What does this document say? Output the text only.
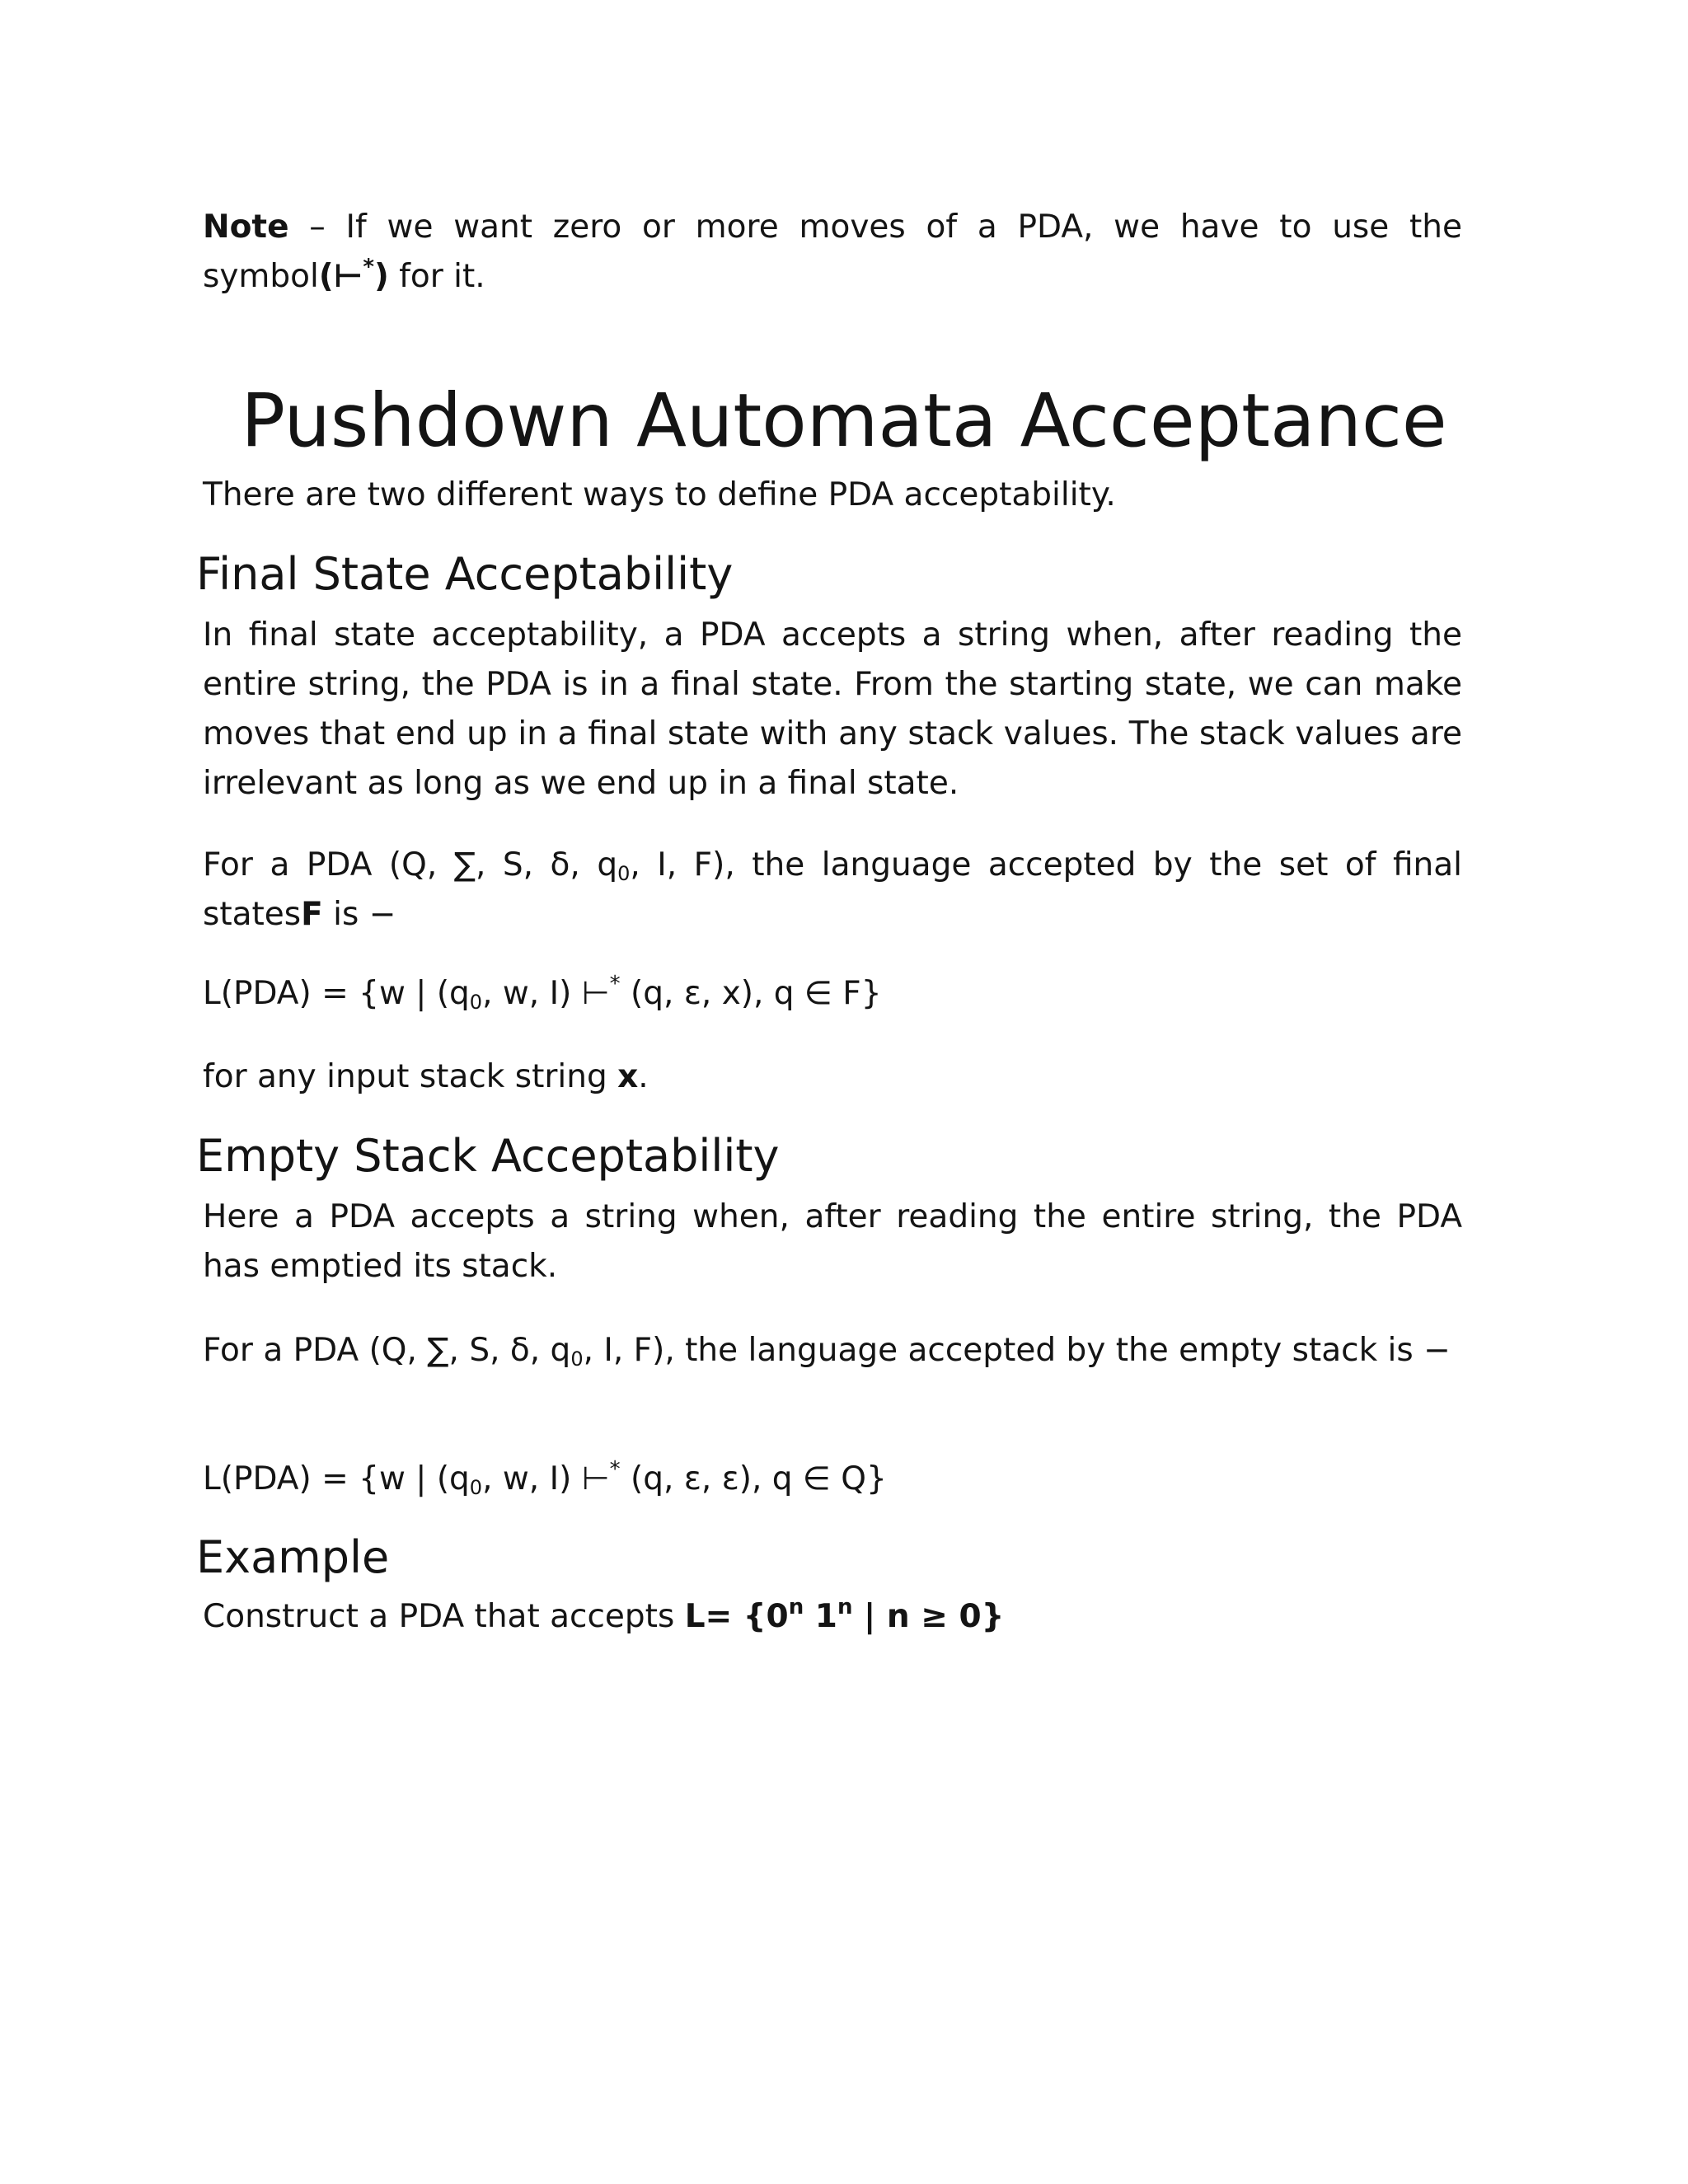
Note – If we want zero or more moves of a PDA, we have to use the symbol(⊢*) for it.

Pushdown Automata Acceptance

There are two different ways to define PDA acceptability.

Final State Acceptability

In final state acceptability, a PDA accepts a string when, after reading the entire string, the PDA is in a final state. From the starting state, we can make moves that end up in a final state with any stack values. The stack values are irrelevant as long as we end up in a final state.

For a PDA (Q, ∑, S, δ, $q_0$, I, F), the language accepted by the set of final statesF is −

L(PDA) = {w | ($q_0$, w, I) ⊢* (q, ε, x), q ∈ F}

for any input stack string x.

Empty Stack Acceptability

Here a PDA accepts a string when, after reading the entire string, the PDA has emptied its stack.

For a PDA (Q, ∑, S, δ, $q_0$, I, F), the language accepted by the empty stack is −

L(PDA) = {w | ($q_0$, w, I) ⊢* (q, ε, ε), q ∈ Q}

Example

Construct a PDA that accepts $L= \{0^n$ 1$^n$ | n ≥ 0}
